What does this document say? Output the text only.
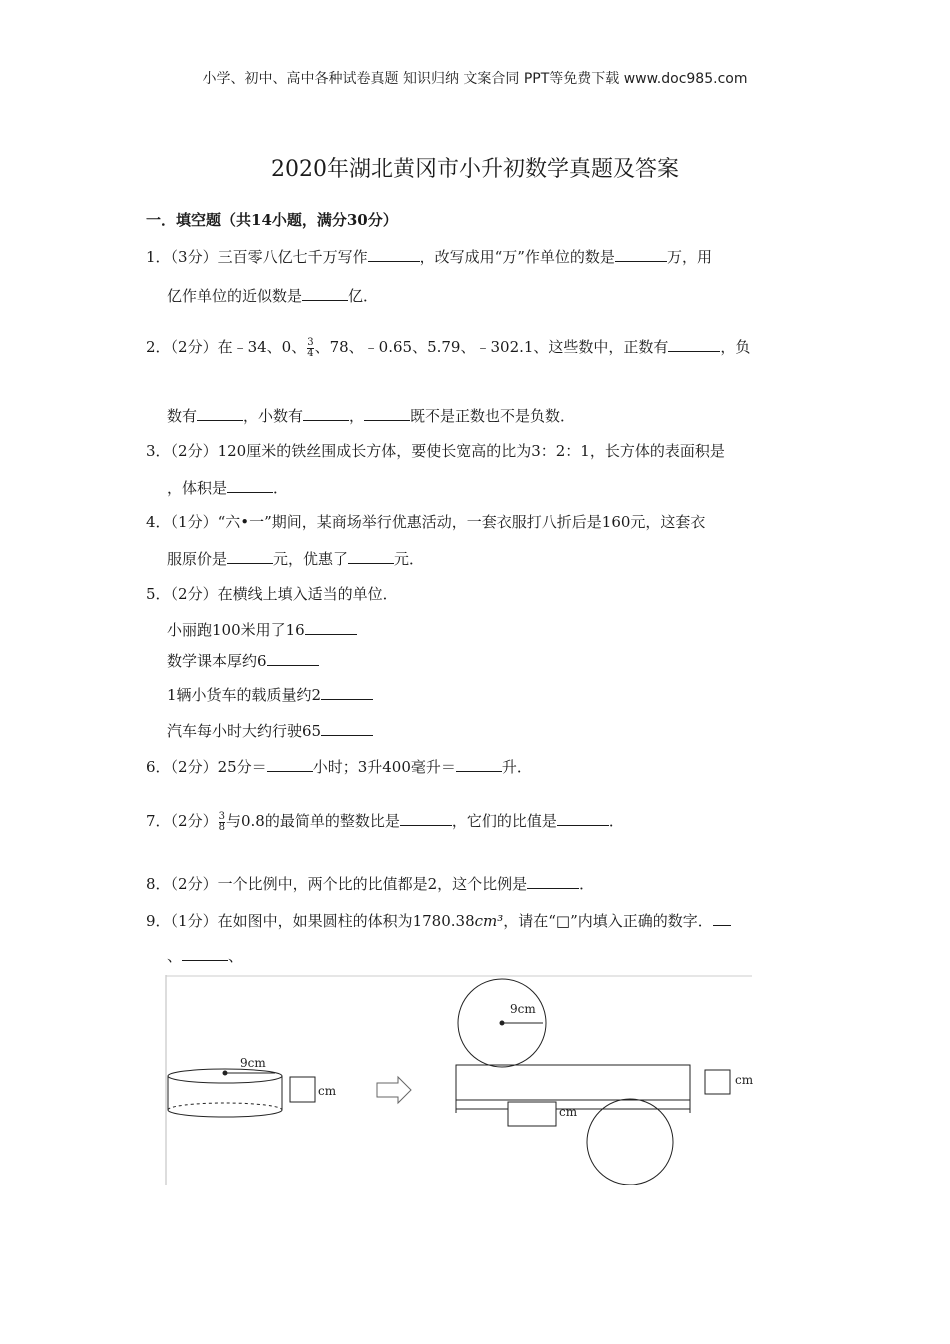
小学、初中、高中各种试卷真题 知识归纳 文案合同 PPT等免费下载 www.doc985.com
2020年湖北黄冈市小升初数学真题及答案
一．填空题（共14小题，满分30分）
1．（3分）三百零八亿七千万写作	，改写成用“万”作单位的数是	万，用
亿作单位的近似数是	亿．
2．（2分）在﹣34、0、 $\frac{3}{4}$ 、78、﹣0.65、5.79、﹣302.1、这些数中，正数有	，负
数有	，小数有	，	既不是正数也不是负数．
3．（2分）120厘米的铁丝围成长方体，要使长宽高的比为3：2：1，长方体的表面积是
，体积是	．
4．（1分）“六•一”期间，某商场举行优惠活动，一套衣服打八折后是160元，这套衣
服原价是	元，优惠了	元．
5．（2分）在横线上填入适当的单位．
小丽跑100米用了16
数学课本厚约6
1辆小货车的载质量约2
汽车每小时大约行驶65
6．（2分）25分＝	小时；3升400毫升＝	升．
7．（2分） $\frac{3}{8}$ 与0.8的最简单的整数比是	，它们的比值是	．
8．（2分）一个比例中，两个比的比值都是2，这个比例是	．
9．（1分）在如图中，如果圆柱的体积为1780.38cm³，请在“□”内填入正确的数字．
、	、
9cm
cm
9cm
cm
cm
